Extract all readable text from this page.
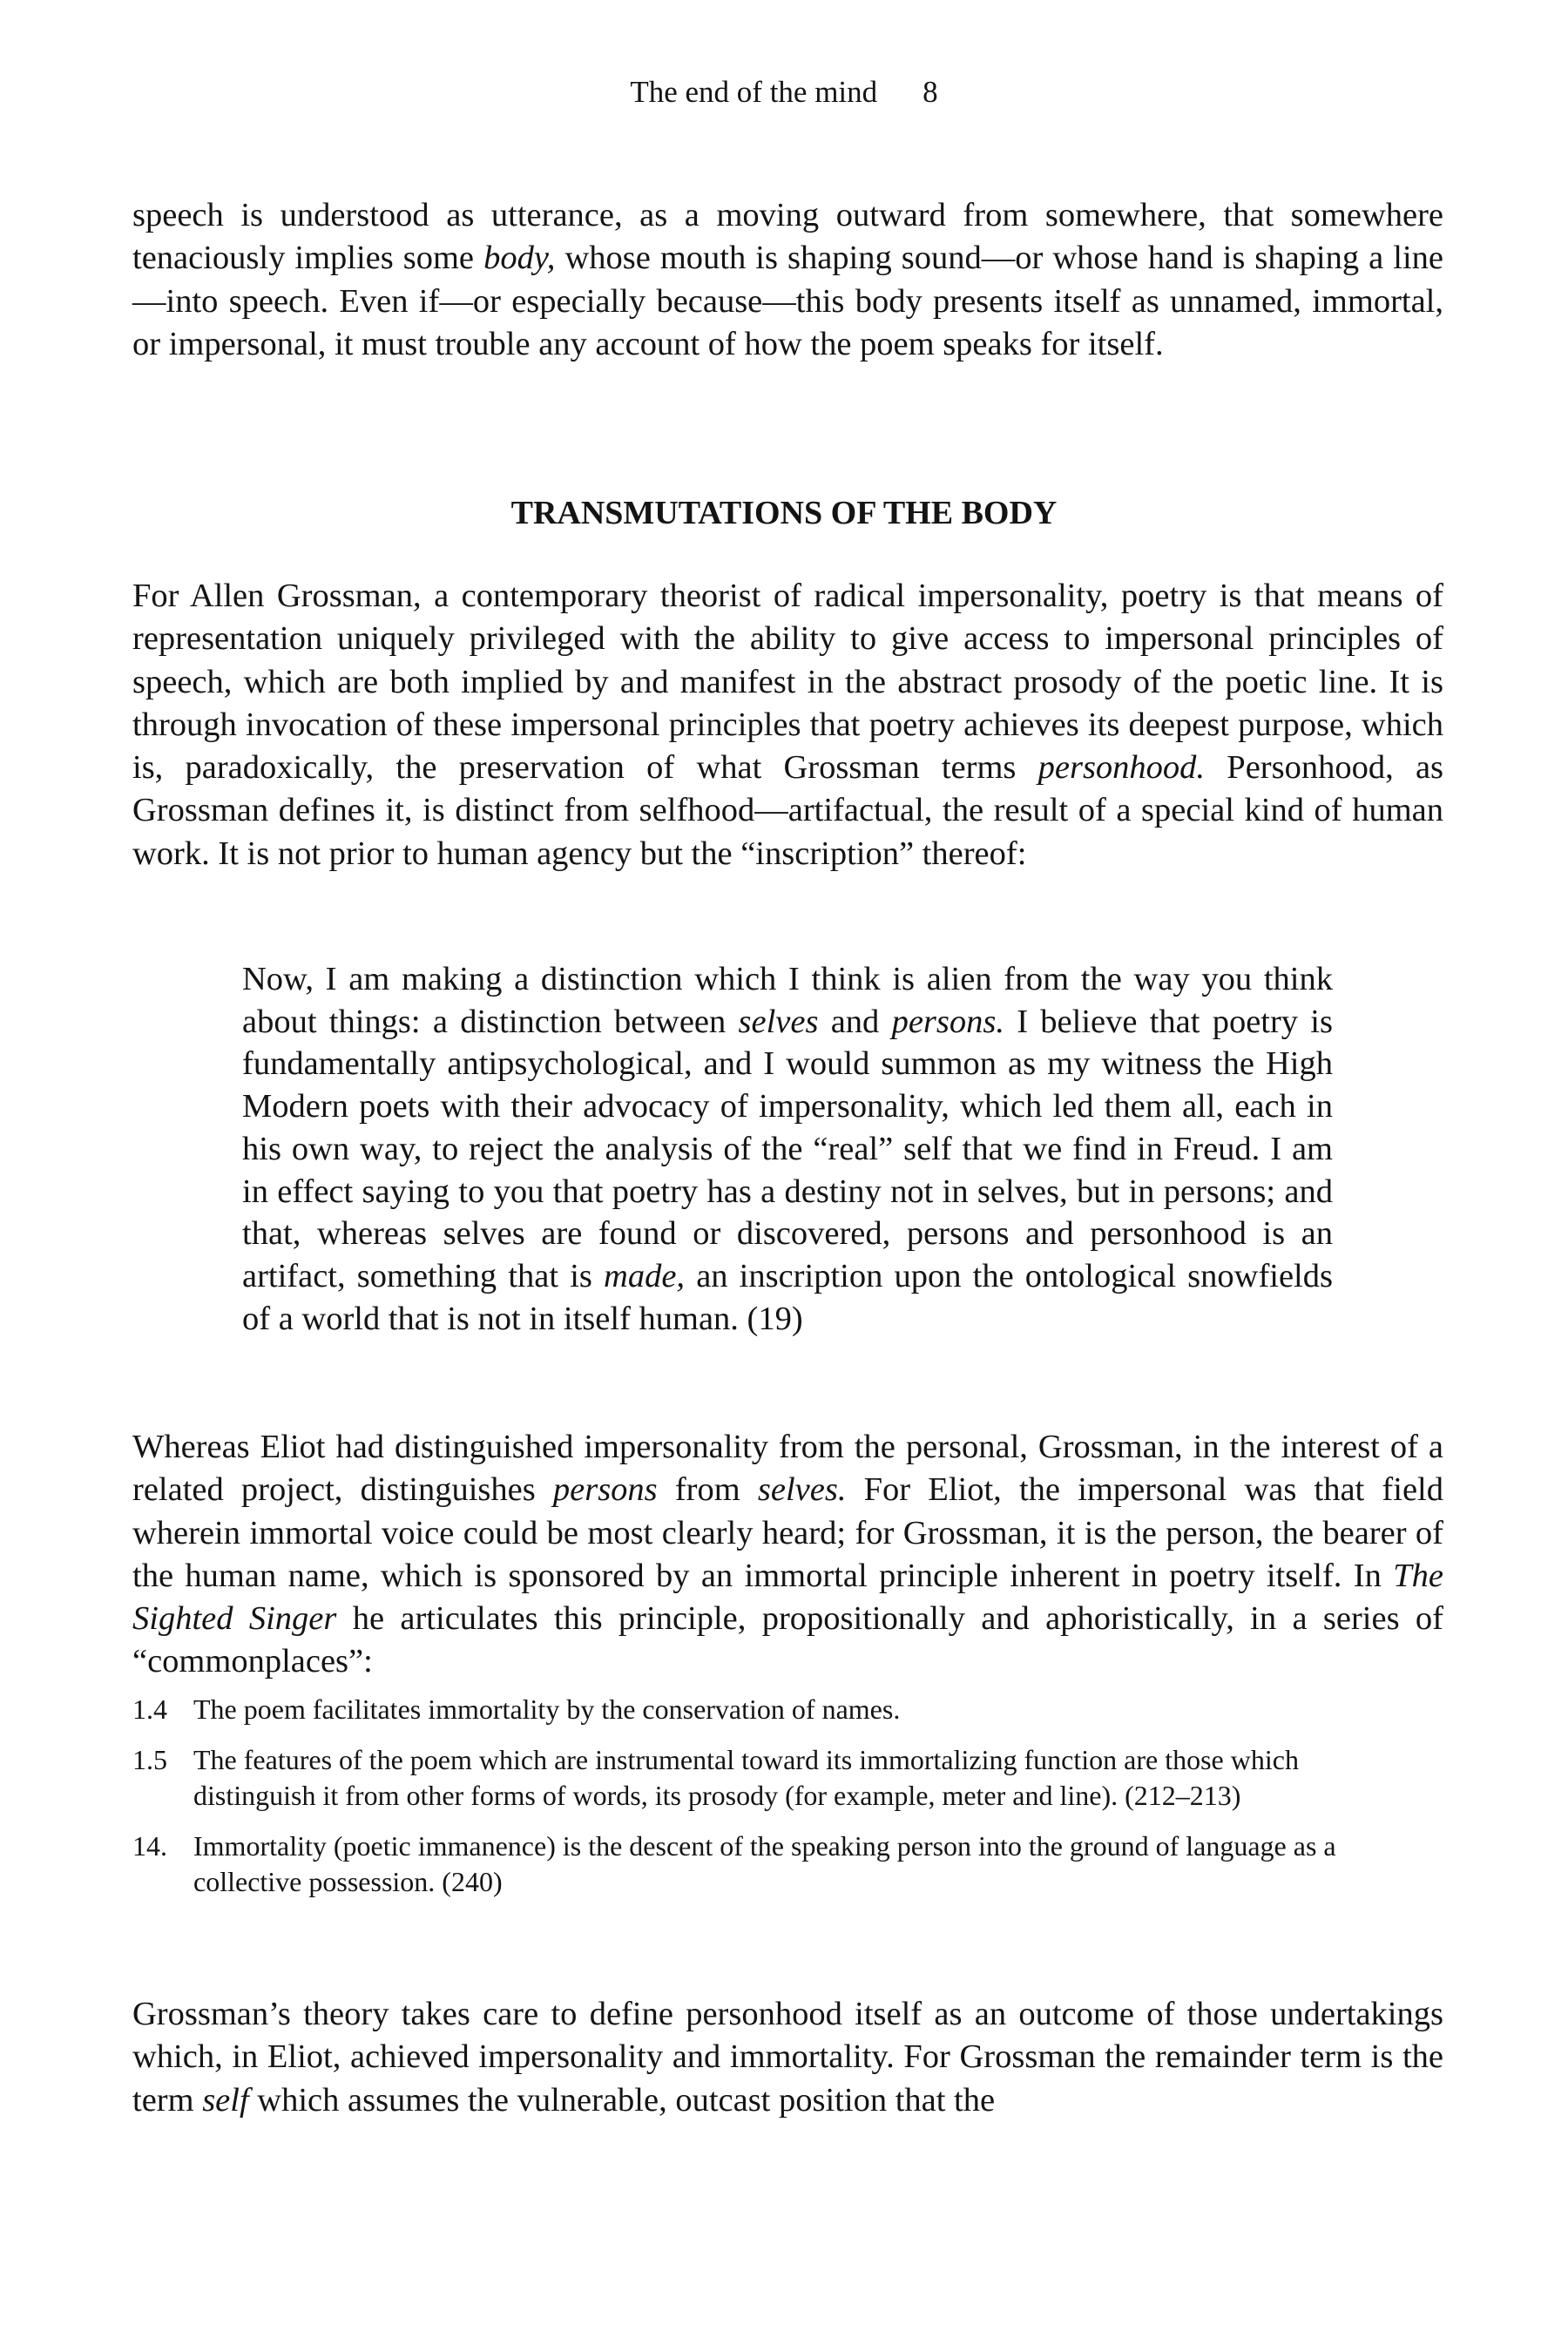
The end of the mind 8

speech is understood as utterance, as a moving outward from somewhere, that somewhere tenaciously implies some body, whose mouth is shaping sound—or whose hand is shaping a line—into speech. Even if—or especially because—this body presents itself as unnamed, immortal, or impersonal, it must trouble any account of how the poem speaks for itself.

TRANSMUTATIONS OF THE BODY

For Allen Grossman, a contemporary theorist of radical impersonality, poetry is that means of representation uniquely privileged with the ability to give access to impersonal principles of speech, which are both implied by and manifest in the abstract prosody of the poetic line. It is through invocation of these impersonal principles that poetry achieves its deepest purpose, which is, paradoxically, the preservation of what Grossman terms personhood. Personhood, as Grossman defines it, is distinct from selfhood—artifactual, the result of a special kind of human work. It is not prior to human agency but the “inscription” thereof:

Now, I am making a distinction which I think is alien from the way you think about things: a distinction between selves and persons. I believe that poetry is fundamentally antipsychological, and I would summon as my witness the High Modern poets with their advocacy of impersonality, which led them all, each in his own way, to reject the analysis of the “real” self that we find in Freud. I am in effect saying to you that poetry has a destiny not in selves, but in persons; and that, whereas selves are found or discovered, persons and personhood is an artifact, something that is made, an inscription upon the ontological snowfields of a world that is not in itself human. (19)

Whereas Eliot had distinguished impersonality from the personal, Grossman, in the interest of a related project, distinguishes persons from selves. For Eliot, the impersonal was that field wherein immortal voice could be most clearly heard; for Grossman, it is the person, the bearer of the human name, which is sponsored by an immortal principle inherent in poetry itself. In The Sighted Singer he articulates this principle, propositionally and aphoristically, in a series of “commonplaces”:

1.4 The poem facilitates immortality by the conservation of names.
1.5 The features of the poem which are instrumental toward its immortalizing function are those which distinguish it from other forms of words, its prosody (for example, meter and line). (212–213)
14. Immortality (poetic immanence) is the descent of the speaking person into the ground of language as a collective possession. (240)

Grossman’s theory takes care to define personhood itself as an outcome of those undertakings which, in Eliot, achieved impersonality and immortality. For Grossman the remainder term is the term self which assumes the vulnerable, outcast position that the
